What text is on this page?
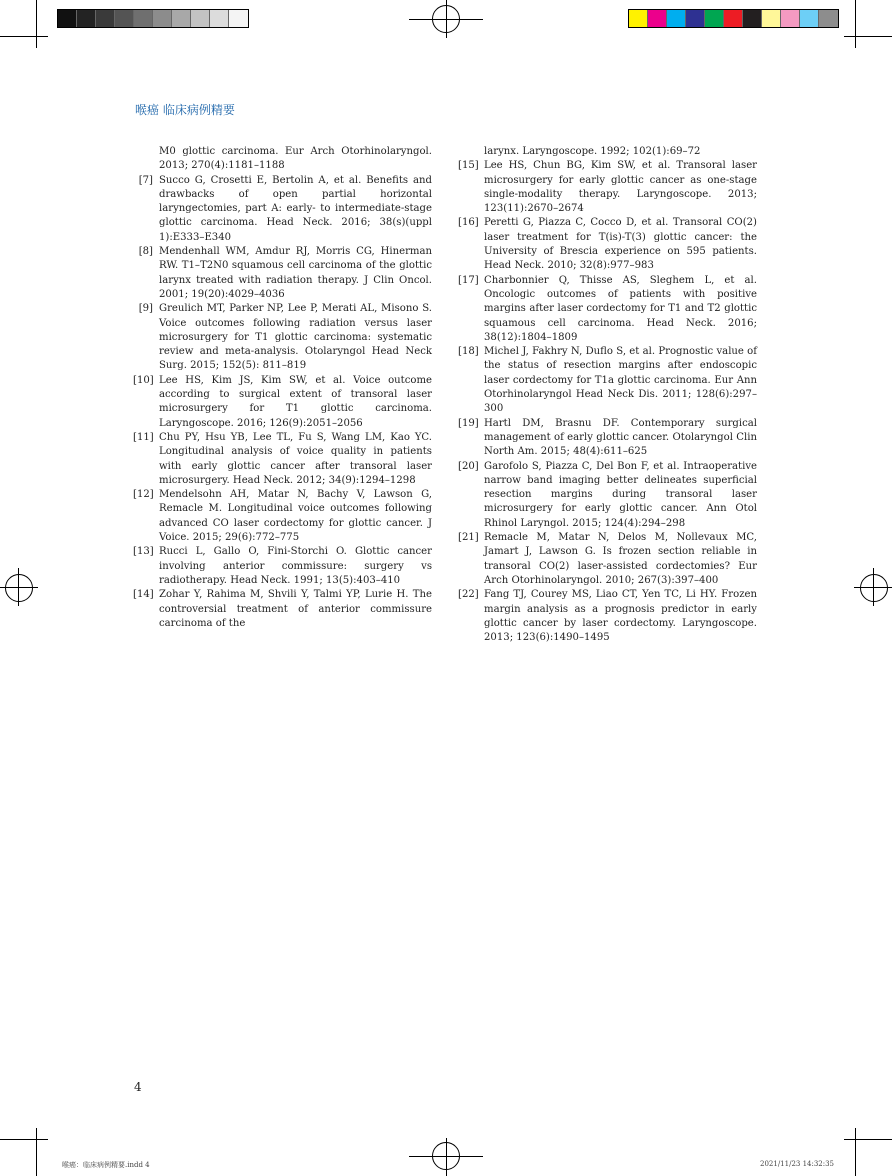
喉癌 临床病例精要
M0 glottic carcinoma. Eur Arch Otorhinolaryngol. 2013; 270(4):1181–1188
[7] Succo G, Crosetti E, Bertolin A, et al. Benefits and drawbacks of open partial horizontal laryngectomies, part A: early- to intermediate-stage glottic carcinoma. Head Neck. 2016; 38(s)(uppl 1):E333–E340
[8] Mendenhall WM, Amdur RJ, Morris CG, Hinerman RW. T1–T2N0 squamous cell carcinoma of the glottic larynx treated with radiation therapy. J Clin Oncol. 2001; 19(20):4029–4036
[9] Greulich MT, Parker NP, Lee P, Merati AL, Misono S. Voice outcomes following radiation versus laser microsurgery for T1 glottic carcinoma: systematic review and meta-analysis. Otolaryngol Head Neck Surg. 2015; 152(5): 811–819
[10] Lee HS, Kim JS, Kim SW, et al. Voice outcome according to surgical extent of transoral laser microsurgery for T1 glottic carcinoma. Laryngoscope. 2016; 126(9):2051–2056
[11] Chu PY, Hsu YB, Lee TL, Fu S, Wang LM, Kao YC. Longitudinal analysis of voice quality in patients with early glottic cancer after transoral laser microsurgery. Head Neck. 2012; 34(9):1294–1298
[12] Mendelsohn AH, Matar N, Bachy V, Lawson G, Remacle M. Longitudinal voice outcomes following advanced CO laser cordectomy for glottic cancer. J Voice. 2015; 29(6):772–775
[13] Rucci L, Gallo O, Fini-Storchi O. Glottic cancer involving anterior commissure: surgery vs radiotherapy. Head Neck. 1991; 13(5):403–410
[14] Zohar Y, Rahima M, Shvili Y, Talmi YP, Lurie H. The controversial treatment of anterior commissure carcinoma of the
larynx. Laryngoscope. 1992; 102(1):69–72
[15] Lee HS, Chun BG, Kim SW, et al. Transoral laser microsurgery for early glottic cancer as one-stage single-modality therapy. Laryngoscope. 2013; 123(11):2670–2674
[16] Peretti G, Piazza C, Cocco D, et al. Transoral CO(2) laser treatment for T(is)-T(3) glottic cancer: the University of Brescia experience on 595 patients. Head Neck. 2010; 32(8):977–983
[17] Charbonnier Q, Thisse AS, Sleghem L, et al. Oncologic outcomes of patients with positive margins after laser cordectomy for T1 and T2 glottic squamous cell carcinoma. Head Neck. 2016; 38(12):1804–1809
[18] Michel J, Fakhry N, Duflo S, et al. Prognostic value of the status of resection margins after endoscopic laser cordectomy for T1a glottic carcinoma. Eur Ann Otorhinolaryngol Head Neck Dis. 2011; 128(6):297–300
[19] Hartl DM, Brasnu DF. Contemporary surgical management of early glottic cancer. Otolaryngol Clin North Am. 2015; 48(4):611–625
[20] Garofolo S, Piazza C, Del Bon F, et al. Intraoperative narrow band imaging better delineates superficial resection margins during transoral laser microsurgery for early glottic cancer. Ann Otol Rhinol Laryngol. 2015; 124(4):294–298
[21] Remacle M, Matar N, Delos M, Nollevaux MC, Jamart J, Lawson G. Is frozen section reliable in transoral CO(2) laser-assisted cordectomies? Eur Arch Otorhinolaryngol. 2010; 267(3):397–400
[22] Fang TJ, Courey MS, Liao CT, Yen TC, Li HY. Frozen margin analysis as a prognosis predictor in early glottic cancer by laser cordectomy. Laryngoscope. 2013; 123(6):1490–1495
4
喉癌：临床病例精要.indd 4	2021/11/23 14:32:35
